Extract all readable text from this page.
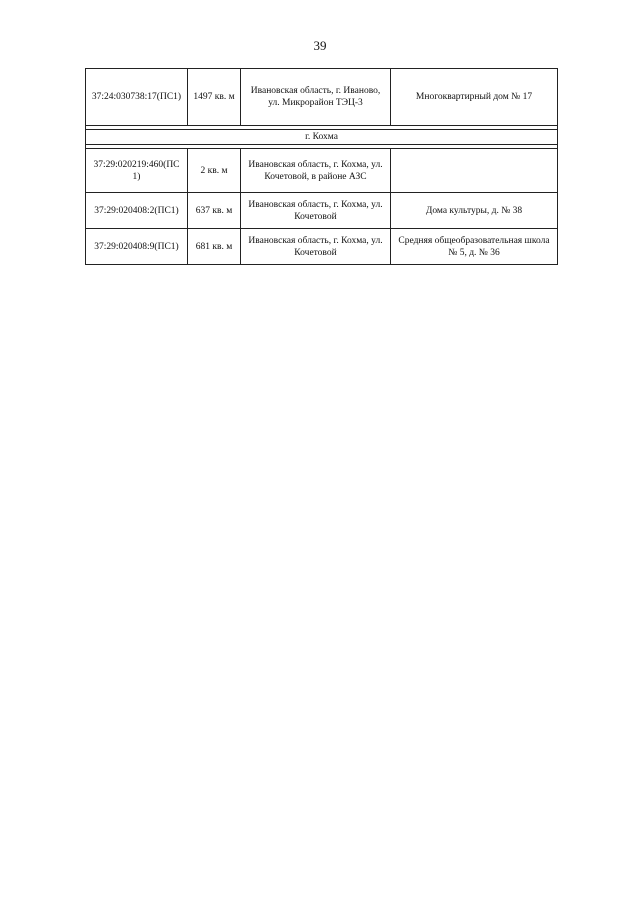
39
37:24:030738:17(ПС1)	1497 кв. м	Ивановская область, г. Иваново, ул. Микрорайон ТЭЦ-3	Многоквартирный дом № 17

г. Кохма			

37:29:020219:460(ПС 1)	2 кв. м	Ивановская область, г. Кохма, ул. Кочетовой, в районе АЗС	
37:29:020408:2(ПС1)	637 кв. м	Ивановская область, г. Кохма, ул. Кочетовой	Дома культуры, д. № 38
37:29:020408:9(ПС1)	681 кв. м	Ивановская область, г. Кохма, ул. Кочетовой	Средняя общеобразовательная школа № 5, д. № 36
